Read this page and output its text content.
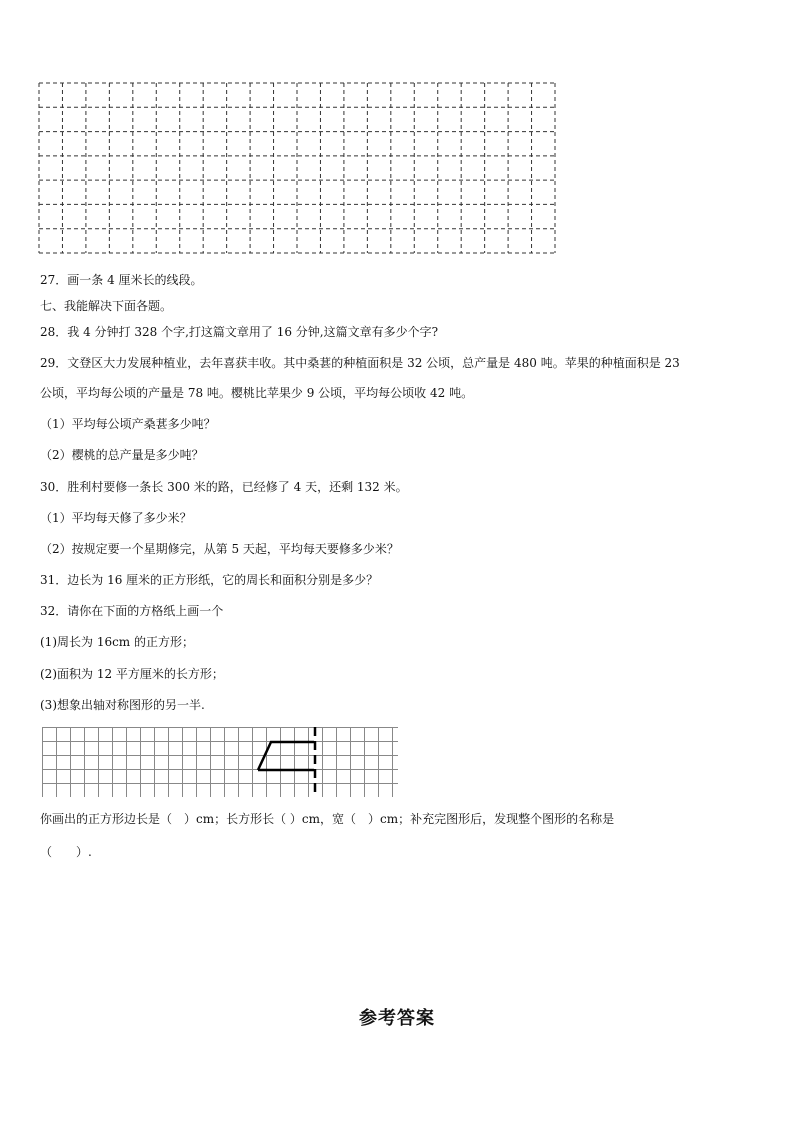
27．画一条 4 厘米长的线段。
七、我能解决下面各题。
28．我 4 分钟打 328 个字,打这篇文章用了 16 分钟,这篇文章有多少个字?
29．文登区大力发展种植业，去年喜获丰收。其中桑葚的种植面积是 32 公顷，总产量是 480 吨。苹果的种植面积是 23
公顷，平均每公顷的产量是 78 吨。樱桃比苹果少 9 公顷，平均每公顷收 42 吨。
（1）平均每公顷产桑葚多少吨？
（2）樱桃的总产量是多少吨？
30．胜利村要修一条长 300 米的路，已经修了 4 天，还剩 132 米。
（1）平均每天修了多少米？
（2）按规定要一个星期修完，从第 5 天起，平均每天要修多少米？
31．边长为 16 厘米的正方形纸，它的周长和面积分别是多少？
32．请你在下面的方格纸上画一个
(1)周长为 16cm 的正方形；
(2)面积为 12 平方厘米的长方形；
(3)想象出轴对称图形的另一半.
你画出的正方形边长是（　）cm；长方形长（ ）cm，宽（　）cm；补充完图形后，发现整个图形的名称是
（　　）.
参考答案
